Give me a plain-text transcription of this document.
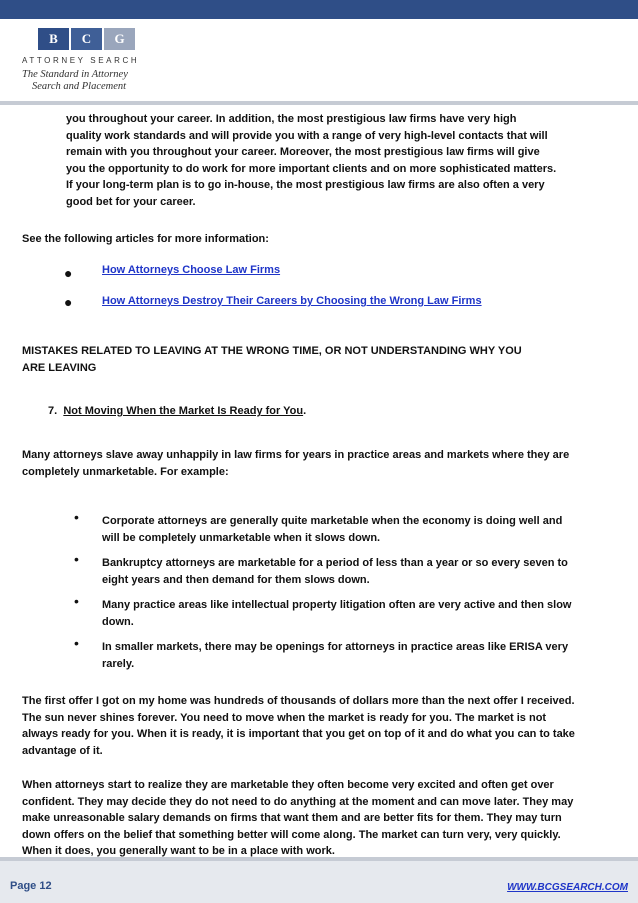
B	C	G
ATTORNEY SEARCH
The Standard in Attorney
Search and Placement
you throughout your career. In addition, the most prestigious law firms have very high
quality work standards and will provide you with a range of very high-level contacts that will
remain with you throughout your career. Moreover, the most prestigious law firms will give
you the opportunity to do work for more important clients and on more sophisticated matters.
If your long-term plan is to go in-house, the most prestigious law firms are also often a very
good bet for your career.
See the following articles for more information:
●	How Attorneys Choose Law Firms
●	How Attorneys Destroy Their Careers by Choosing the Wrong Law Firms
MISTAKES RELATED TO LEAVING AT THE WRONG TIME, OR NOT UNDERSTANDING WHY YOU
ARE LEAVING
7. Not Moving When the Market Is Ready for You.
Many attorneys slave away unhappily in law firms for years in practice areas and markets where they are
completely unmarketable. For example:
• Corporate attorneys are generally quite marketable when the economy is doing well and
will be completely unmarketable when it slows down.
• Bankruptcy attorneys are marketable for a period of less than a year or so every seven to
eight years and then demand for them slows down.
• Many practice areas like intellectual property litigation often are very active and then slow
down.
• In smaller markets, there may be openings for attorneys in practice areas like ERISA very
rarely.
The first offer I got on my home was hundreds of thousands of dollars more than the next offer I received.
The sun never shines forever. You need to move when the market is ready for you. The market is not
always ready for you. When it is ready, it is important that you get on top of it and do what you can to take
advantage of it.
When attorneys start to realize they are marketable they often become very excited and often get over
confident. They may decide they do not need to do anything at the moment and can move later. They may
make unreasonable salary demands on firms that want them and are better fits for them. They may turn
down offers on the belief that something better will come along. The market can turn very, very quickly.
When it does, you generally want to be in a place with work.
Page 12	WWW.BCGSEARCH.COM
